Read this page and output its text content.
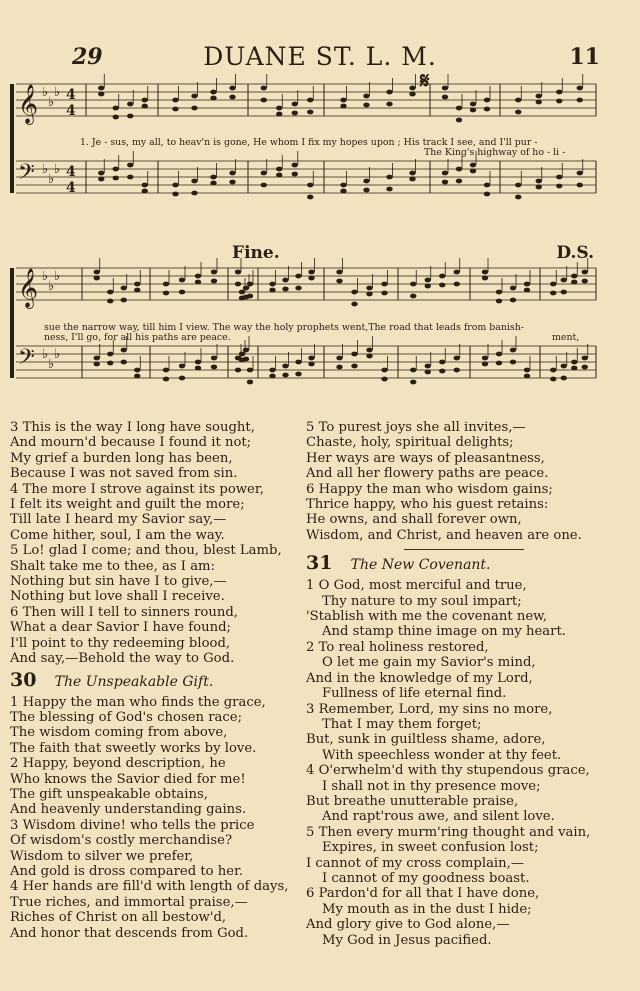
29	DUANE ST. L. M.	11
𝄞 ♭
♭
♭ 4
4
𝄢 ♭
♭
♭ 4
4
𝄞 ♭
♭
♭
𝄢 ♭
♭
♭
𝄋
Fine.	D.S.
1. Je - sus, my all, to heav'n is gone, He whom I fix my hopes upon ; His track I see, and I'll pur -
The King's highway of ho - li -
sue the narrow way, till him I view. The way the holy prophets went,The road that leads from banish-
ness, I'll go, for all his paths are peace.	ment,
3 This is the way I long have sought,
And mourn'd because I found it not;
My grief a burden long has been,
Because I was not saved from sin.
4 The more I strove against its power,
I felt its weight and guilt the more;
Till late I heard my Savior say,—
Come hither, soul, I am the way.
5 Lo! glad I come; and thou, blest Lamb,
Shalt take me to thee, as I am:
Nothing but sin have I to give,—
Nothing but love shall I receive.
6 Then will I tell to sinners round,
What a dear Savior I have found;
I'll point to thy redeeming blood,
And say,—Behold the way to God.
30 The Unspeakable Gift.
1 Happy the man who finds the grace,
The blessing of God's chosen race;
The wisdom coming from above,
The faith that sweetly works by love.
2 Happy, beyond description, he
Who knows the Savior died for me!
The gift unspeakable obtains,
And heavenly understanding gains.
3 Wisdom divine! who tells the price
Of wisdom's costly merchandise?
Wisdom to silver we prefer,
And gold is dross compared to her.
4 Her hands are fill'd with length of days,
True riches, and immortal praise,—
Riches of Christ on all bestow'd,
And honor that descends from God.
5 To purest joys she all invites,—
Chaste, holy, spiritual delights;
Her ways are ways of pleasantness,
And all her flowery paths are peace.
6 Happy the man who wisdom gains;
Thrice happy, who his guest retains:
He owns, and shall forever own,
Wisdom, and Christ, and heaven are one.
31 The New Covenant.
1 O God, most merciful and true,
Thy nature to my soul impart;
'Stablish with me the covenant new,
And stamp thine image on my heart.
2 To real holiness restored,
O let me gain my Savior's mind,
And in the knowledge of my Lord,
Fullness of life eternal find.
3 Remember, Lord, my sins no more,
That I may them forget;
But, sunk in guiltless shame, adore,
With speechless wonder at thy feet.
4 O'erwhelm'd with thy stupendous grace,
I shall not in thy presence move;
But breathe unutterable praise,
And rapt'rous awe, and silent love.
5 Then every murm'ring thought and vain,
Expires, in sweet confusion lost;
I cannot of my cross complain,—
I cannot of my goodness boast.
6 Pardon'd for all that I have done,
My mouth as in the dust I hide;
And glory give to God alone,—
My God in Jesus pacified.
